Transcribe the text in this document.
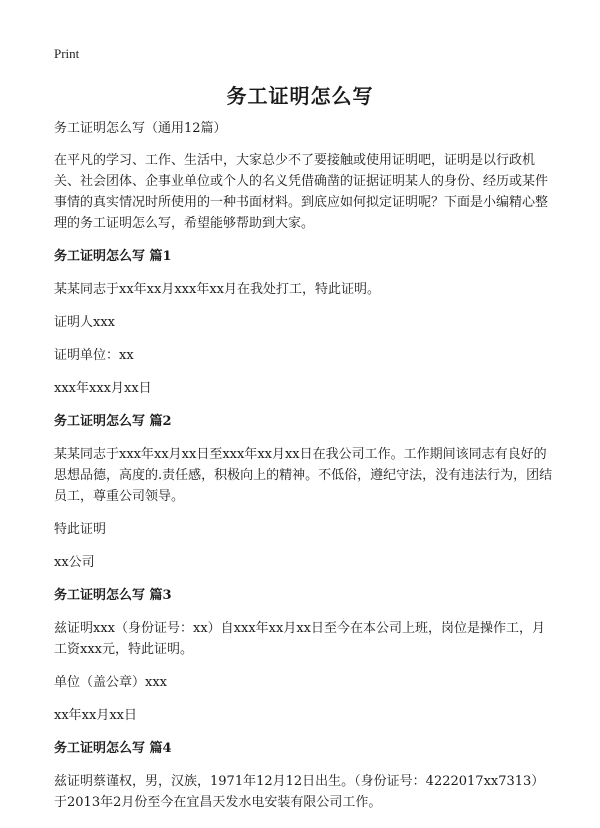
Print
务工证明怎么写

务工证明怎么写（通用12篇）

在平凡的学习、工作、生活中，大家总少不了要接触或使用证明吧，证明是以行政机关、社会团体、企事业单位或个人的名义凭借确凿的证据证明某人的身份、经历或某件事情的真实情况时所使用的一种书面材料。到底应如何拟定证明呢？下面是小编精心整理的务工证明怎么写，希望能够帮助到大家。

务工证明怎么写 篇1

某某同志于xx年xx月xxx年xx月在我处打工，特此证明。

证明人xxx

证明单位：xx

xxx年xxx月xx日

务工证明怎么写 篇2

某某同志于xxx年xx月xx日至xxx年xx月xx日在我公司工作。工作期间该同志有良好的思想品德，高度的.责任感，积极向上的精神。不低俗，遵纪守法，没有违法行为，团结员工，尊重公司领导。

特此证明

xx公司

务工证明怎么写 篇3

兹证明xxx（身份证号：xx）自xxx年xx月xx日至今在本公司上班，岗位是操作工，月工资xxx元，特此证明。

单位（盖公章）xxx

xx年xx月xx日

务工证明怎么写 篇4

兹证明蔡谨权，男，汉族，1971年12月12日出生。（身份证号：4222017xx7313）于2013年2月份至今在宜昌天发水电安装有限公司工作。
